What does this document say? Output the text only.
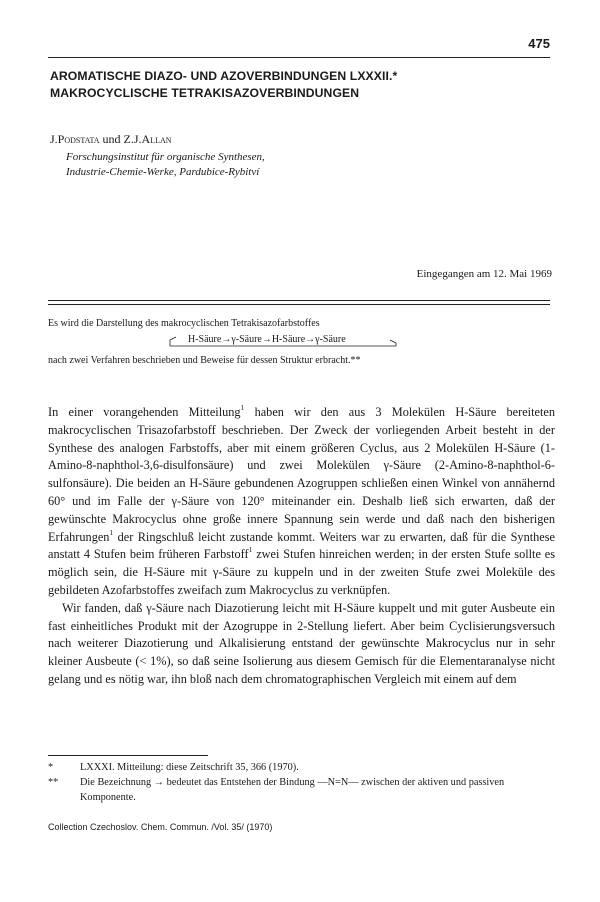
475
AROMATISCHE DIAZO- UND AZOVERBINDUNGEN LXXXII.*
MAKROCYCLISCHE TETRAKISAZOVERBINDUNGEN
J.Podstata und Z.J.Allan
Forschungsinstitut für organische Synthesen,
Industrie-Chemie-Werke, Pardubice-Rybitví
Eingegangen am 12. Mai 1969
Es wird die Darstellung des makrocyclischen Tetrakisazofarbstoffes
H-Säure→γ-Säure→H-Säure→γ-Säure
nach zwei Verfahren beschrieben und Beweise für dessen Struktur erbracht.**

In einer vorangehenden Mitteilung$^1$ haben wir den aus 3 Molekülen H-Säure bereiteten makrocyclischen Trisazofarbstoff beschrieben. Der Zweck der vorliegenden Arbeit besteht in der Synthese des analogen Farbstoffs, aber mit einem größeren Cyclus, aus 2 Molekülen H-Säure (1-Amino-8-naphthol-3,6-disulfonsäure) und zwei Molekülen γ-Säure (2-Amino-8-naphthol-6-sulfonsäure). Die beiden an H-Säure gebundenen Azogruppen schließen einen Winkel von annähernd 60° und im Falle der γ-Säure von 120° miteinander ein. Deshalb ließ sich erwarten, daß der gewünschte Makrocyclus ohne große innere Spannung sein werde und daß nach den bisherigen Erfahrungen$^1$ der Ringschluß leicht zustande kommt. Weiters war zu erwarten, daß für die Synthese anstatt 4 Stufen beim früheren Farbstoff$^1$ zwei Stufen hinreichen werden; in der ersten Stufe sollte es möglich sein, die H-Säure mit γ-Säure zu kuppeln und in der zweiten Stufe zwei Moleküle des gebildeten Azofarbstoffes zweifach zum Makrocyclus zu verknüpfen.

Wir fanden, daß γ-Säure nach Diazotierung leicht mit H-Säure kuppelt und mit guter Ausbeute ein fast einheitliches Produkt mit der Azogruppe in 2-Stellung liefert. Aber beim Cyclisierungsversuch nach weiterer Diazotierung und Alkalisierung entstand der gewünschte Makrocyclus nur in sehr kleiner Ausbeute (< 1%), so daß seine Isolierung aus diesem Gemisch für die Elementaranalyse nicht gelang und es nötig war, ihn bloß nach dem chromatographischen Vergleich mit einem auf dem

*	LXXXI. Mitteilung: diese Zeitschrift 35, 366 (1970).
**	Die Bezeichnung → bedeutet das Entstehen der Bindung —N=N— zwischen der aktiven und passiven Komponente.
Collection Czechoslov. Chem. Commun. /Vol. 35/ (1970)
